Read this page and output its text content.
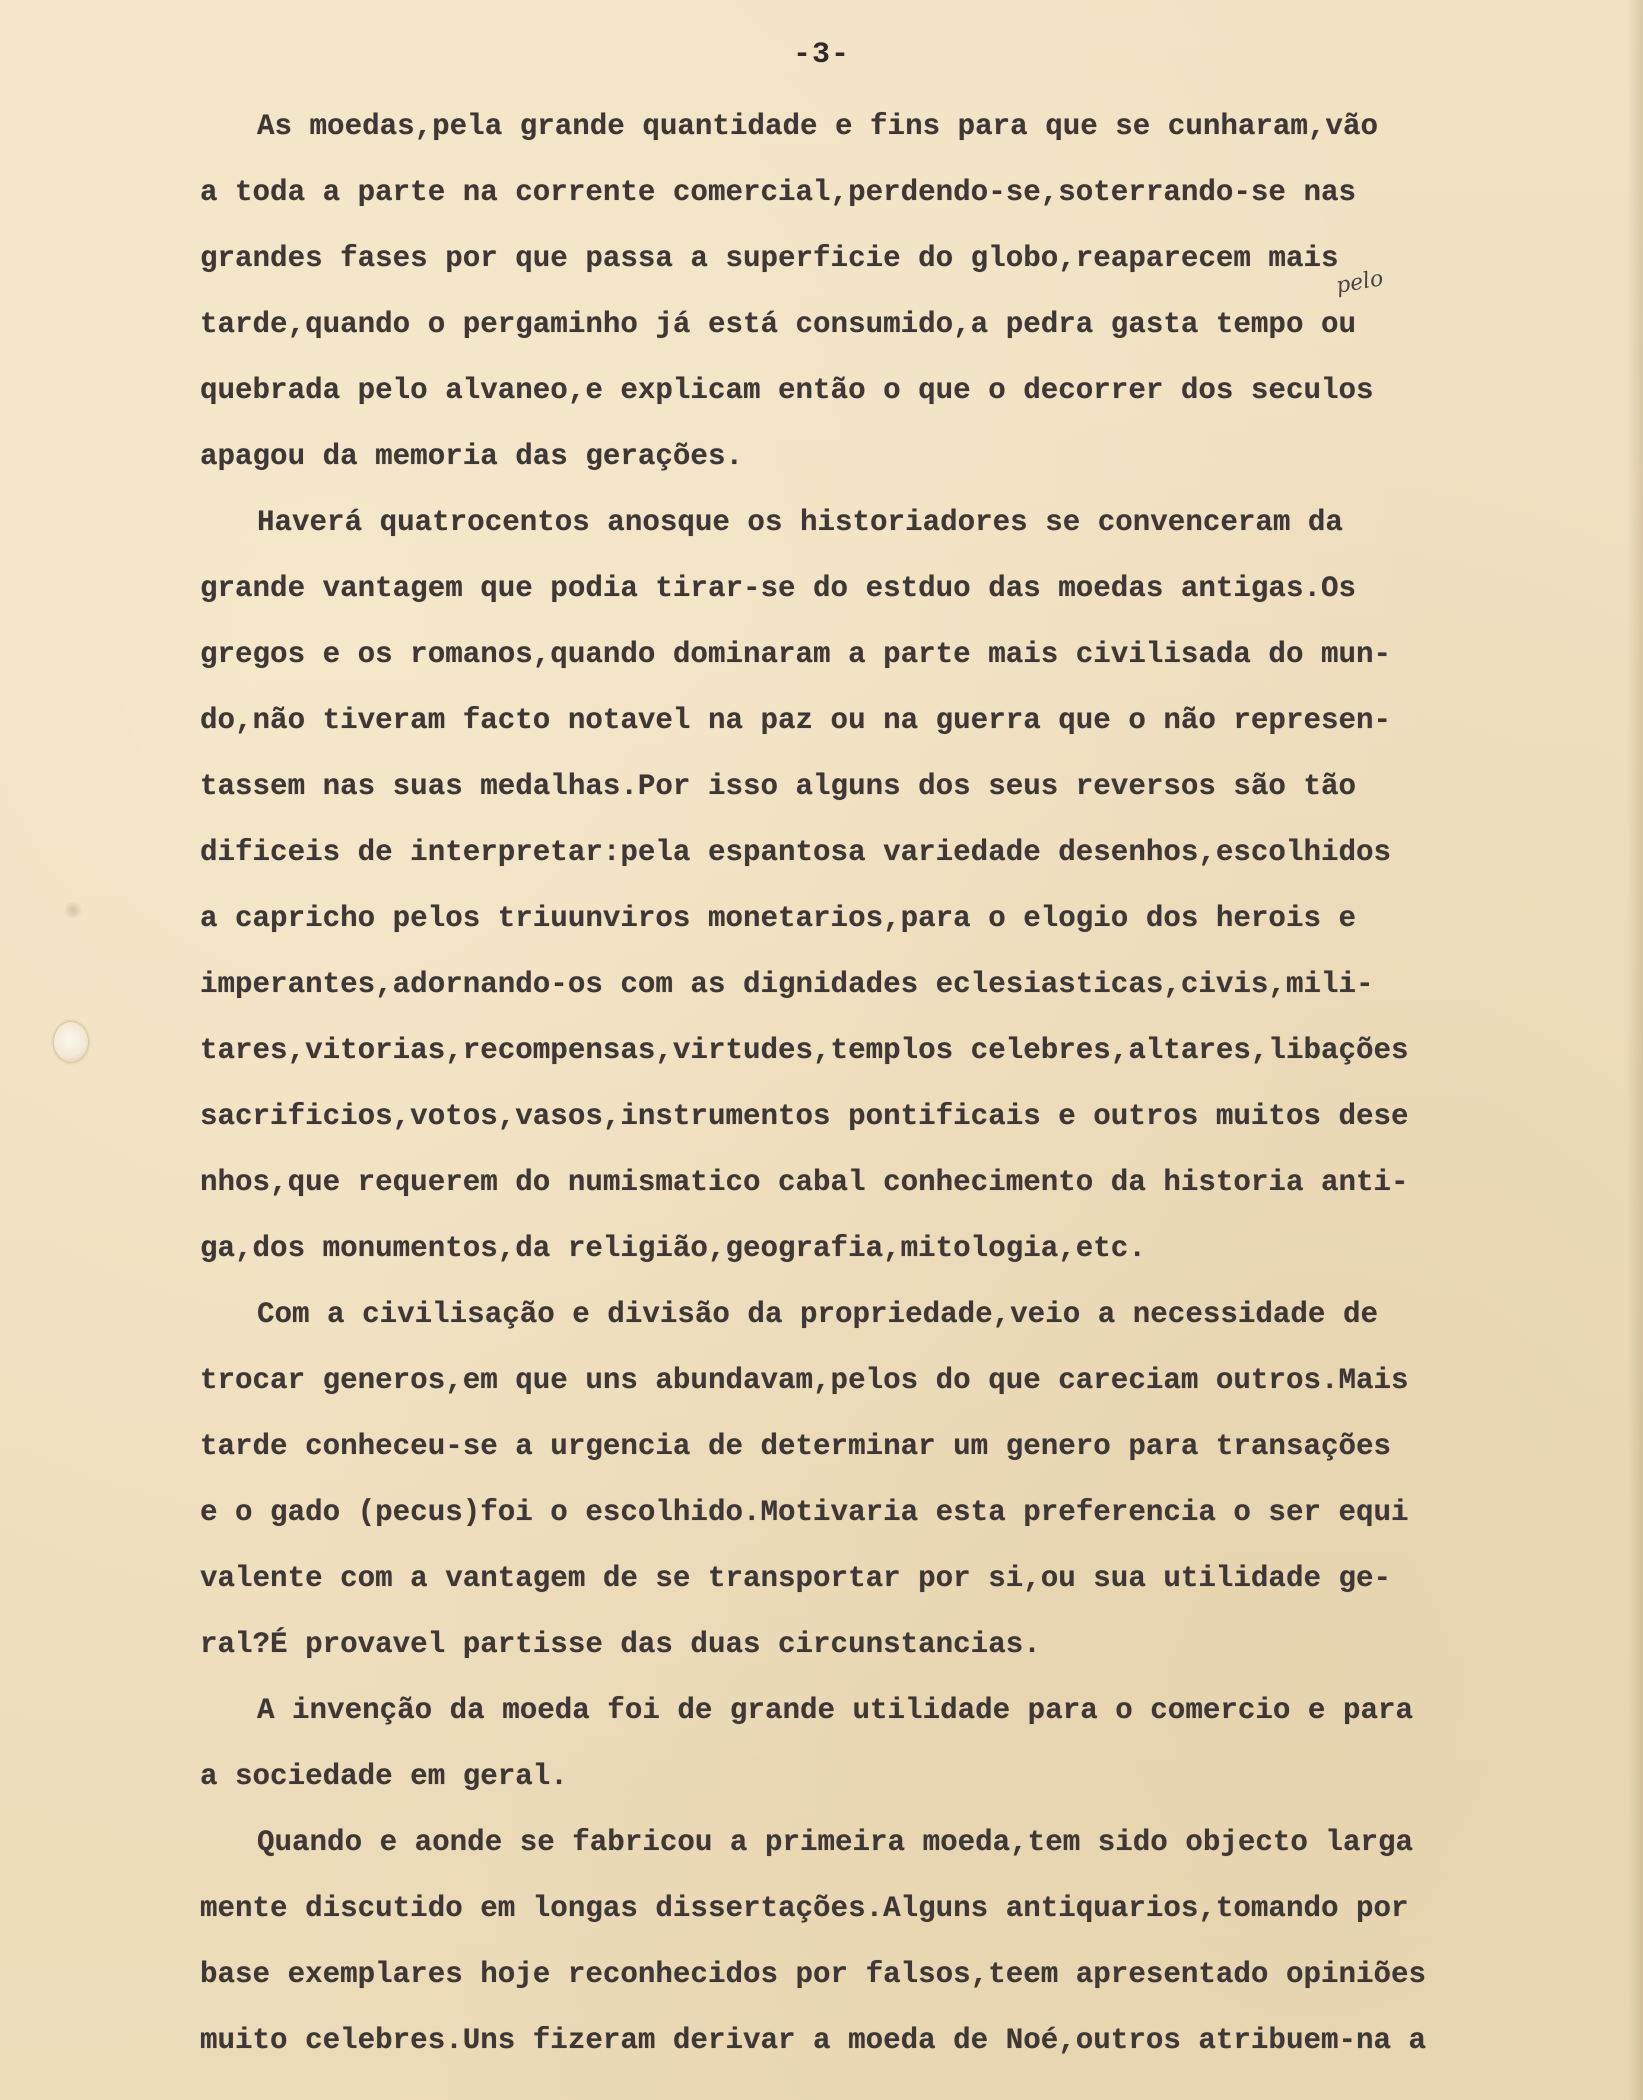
-3-
pelo
As moedas,pela grande quantidade e fins para que se cunharam,vão
a toda a parte na corrente comercial,perdendo-se,soterrando-se nas
grandes fases por que passa a superficie do globo,reaparecem mais
tarde,quando o pergaminho já está consumido,a pedra gasta tempo ou
quebrada pelo alvaneo,e explicam então o que o decorrer dos seculos
apagou da memoria das gerações.
Haverá quatrocentos anosque os historiadores se convenceram da
grande vantagem que podia tirar-se do estduo das moedas antigas.Os
gregos e os romanos,quando dominaram a parte mais civilisada do mun-
do,não tiveram facto notavel na paz ou na guerra que o não represen-
tassem nas suas medalhas.Por isso alguns dos seus reversos são tão
dificeis de interpretar:pela espantosa variedade desenhos,escolhidos
a capricho pelos triuunviros monetarios,para o elogio dos herois e
imperantes,adornando-os com as dignidades eclesiasticas,civis,mili-
tares,vitorias,recompensas,virtudes,templos celebres,altares,libações
sacrificios,votos,vasos,instrumentos pontificais e outros muitos dese
nhos,que requerem do numismatico cabal conhecimento da historia anti-
ga,dos monumentos,da religião,geografia,mitologia,etc.
Com a civilisação e divisão da propriedade,veio a necessidade de
trocar generos,em que uns abundavam,pelos do que careciam outros.Mais
tarde conheceu-se a urgencia de determinar um genero para transações
e o gado (pecus)foi o escolhido.Motivaria esta preferencia o ser equi
valente com a vantagem de se transportar por si,ou sua utilidade ge-
ral?É provavel partisse das duas circunstancias.
A invenção da moeda foi de grande utilidade para o comercio e para
a sociedade em geral.
Quando e aonde se fabricou a primeira moeda,tem sido objecto larga
mente discutido em longas dissertações.Alguns antiquarios,tomando por
base exemplares hoje reconhecidos por falsos,teem apresentado opiniões
muito celebres.Uns fizeram derivar a moeda de Noé,outros atribuem-na a
